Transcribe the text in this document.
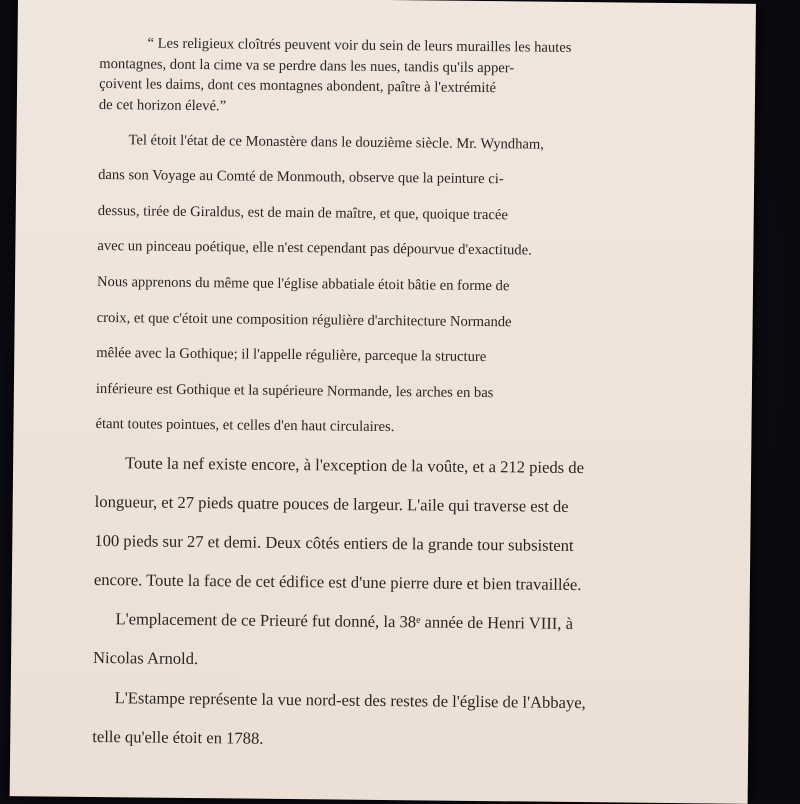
“ Les religieux cloîtrés peuvent voir du sein de leurs murailles les hautes

montagnes, dont la cime va se perdre dans les nues, tandis qu'ils apper-

çoivent les daims, dont ces montagnes abondent, paître à l'extrémité

de cet horizon élevé.”

Tel étoit l'état de ce Monastère dans le douzième siècle. Mr. Wyndham,

dans son Voyage au Comté de Monmouth, observe que la peinture ci-

dessus, tirée de Giraldus, est de main de maître, et que, quoique tracée

avec un pinceau poétique, elle n'est cependant pas dépourvue d'exactitude.

Nous apprenons du même que l'église abbatiale étoit bâtie en forme de

croix, et que c'étoit une composition régulière d'architecture Normande

mêlée avec la Gothique; il l'appelle régulière, parceque la structure

inférieure est Gothique et la supérieure Normande, les arches en bas

étant toutes pointues, et celles d'en haut circulaires.

Toute la nef existe encore, à l'exception de la voûte, et a 212 pieds de

longueur, et 27 pieds quatre pouces de largeur. L'aile qui traverse est de

100 pieds sur 27 et demi. Deux côtés entiers de la grande tour subsistent

encore. Toute la face de cet édifice est d'une pierre dure et bien travaillée.

L'emplacement de ce Prieuré fut donné, la 38ᵉ année de Henri VIII, à

Nicolas Arnold.

L'Estampe représente la vue nord-est des restes de l'église de l'Abbaye,

telle qu'elle étoit en 1788.
